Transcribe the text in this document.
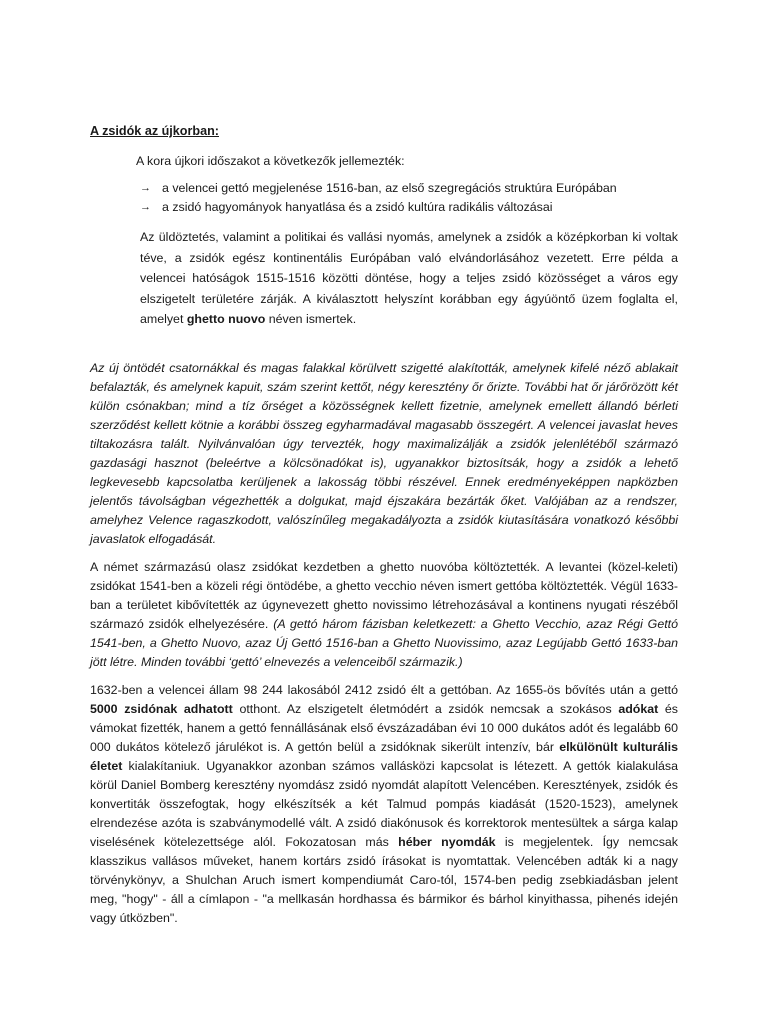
A zsidók az újkorban:

A kora újkori időszakot a következők jellemezték:

→ a velencei gettó megjelenése 1516-ban, az első szegregációs struktúra Európában
→ a zsidó hagyományok hanyatlása és a zsidó kultúra radikális változásai

Az üldöztetés, valamint a politikai és vallási nyomás, amelynek a zsidók a középkorban ki voltak téve, a zsidók egész kontinentális Európában való elvándorlásához vezetett. Erre példa a velencei hatóságok 1515-1516 közötti döntése, hogy a teljes zsidó közösséget a város egy elszigetelt területére zárják. A kiválasztott helyszínt korábban egy ágyúöntő üzem foglalta el, amelyet ghetto nuovo néven ismertek.

Az új öntödét csatornákkal és magas falakkal körülvett szigetté alakították, amelynek kifelé néző ablakait befalazták, és amelynek kapuit, szám szerint kettőt, négy keresztény őr őrizte. További hat őr járőrözött két külön csónakban; mind a tíz őrséget a közösségnek kellett fizetnie, amelynek emellett állandó bérleti szerződést kellett kötnie a korábbi összeg egyharmadával magasabb összegért. A velencei javaslat heves tiltakozásra talált. Nyilvánvalóan úgy tervezték, hogy maximalizálják a zsidók jelenlétéből származó gazdasági hasznot (beleértve a kölcsönadókat is), ugyanakkor biztosítsák, hogy a zsidók a lehető legkevesebb kapcsolatba kerüljenek a lakosság többi részével. Ennek eredményeképpen napközben jelentős távolságban végezhették a dolgukat, majd éjszakára bezárták őket. Valójában az a rendszer, amelyhez Velence ragaszkodott, valószínűleg megakadályozta a zsidók kiutasítására vonatkozó későbbi javaslatok elfogadását.

A német származású olasz zsidókat kezdetben a ghetto nuovóba költöztették. A levantei (közel-keleti) zsidókat 1541-ben a közeli régi öntödébe, a ghetto vecchio néven ismert gettóba költöztették. Végül 1633-ban a területet kibővítették az úgynevezett ghetto novissimo létrehozásával a kontinens nyugati részéből származó zsidók elhelyezésére. (A gettó három fázisban keletkezett: a Ghetto Vecchio, azaz Régi Gettó 1541-ben, a Ghetto Nuovo, azaz Új Gettó 1516-ban a Ghetto Nuovissimo, azaz Legújabb Gettó 1633-ban jött létre. Minden további ‘gettó’ elnevezés a velenceiből származik.)

1632-ben a velencei állam 98 244 lakosából 2412 zsidó élt a gettóban. Az 1655-ös bővítés után a gettó 5000 zsidónak adhatott otthont. Az elszigetelt életmódért a zsidók nemcsak a szokásos adókat és vámokat fizették, hanem a gettó fennállásának első évszázadában évi 10 000 dukátos adót és legalább 60 000 dukátos kötelező járulékot is. A gettón belül a zsidóknak sikerült intenzív, bár elkülönült kulturális életet kialakítaniuk. Ugyanakkor azonban számos vallásközi kapcsolat is létezett. A gettók kialakulása körül Daniel Bomberg keresztény nyomdász zsidó nyomdát alapított Velencében. Keresztények, zsidók és konvertiták összefogtak, hogy elkészítsék a két Talmud pompás kiadását (1520-1523), amelynek elrendezése azóta is szabványmodellé vált. A zsidó diakónusok és korrektorok mentesültek a sárga kalap viselésének kötelezettsége alól. Fokozatosan más héber nyomdák is megjelentek. Így nemcsak klasszikus vallásos műveket, hanem kortárs zsidó írásokat is nyomtattak. Velencében adták ki a nagy törvénykönyv, a Shulchan Aruch ismert kompendiumát Caro-tól, 1574-ben pedig zsebkiadásban jelent meg, "hogy" - áll a címlapon - "a mellkasán hordhassa és bármikor és bárhol kinyithassa, pihenés idején vagy útközben".
